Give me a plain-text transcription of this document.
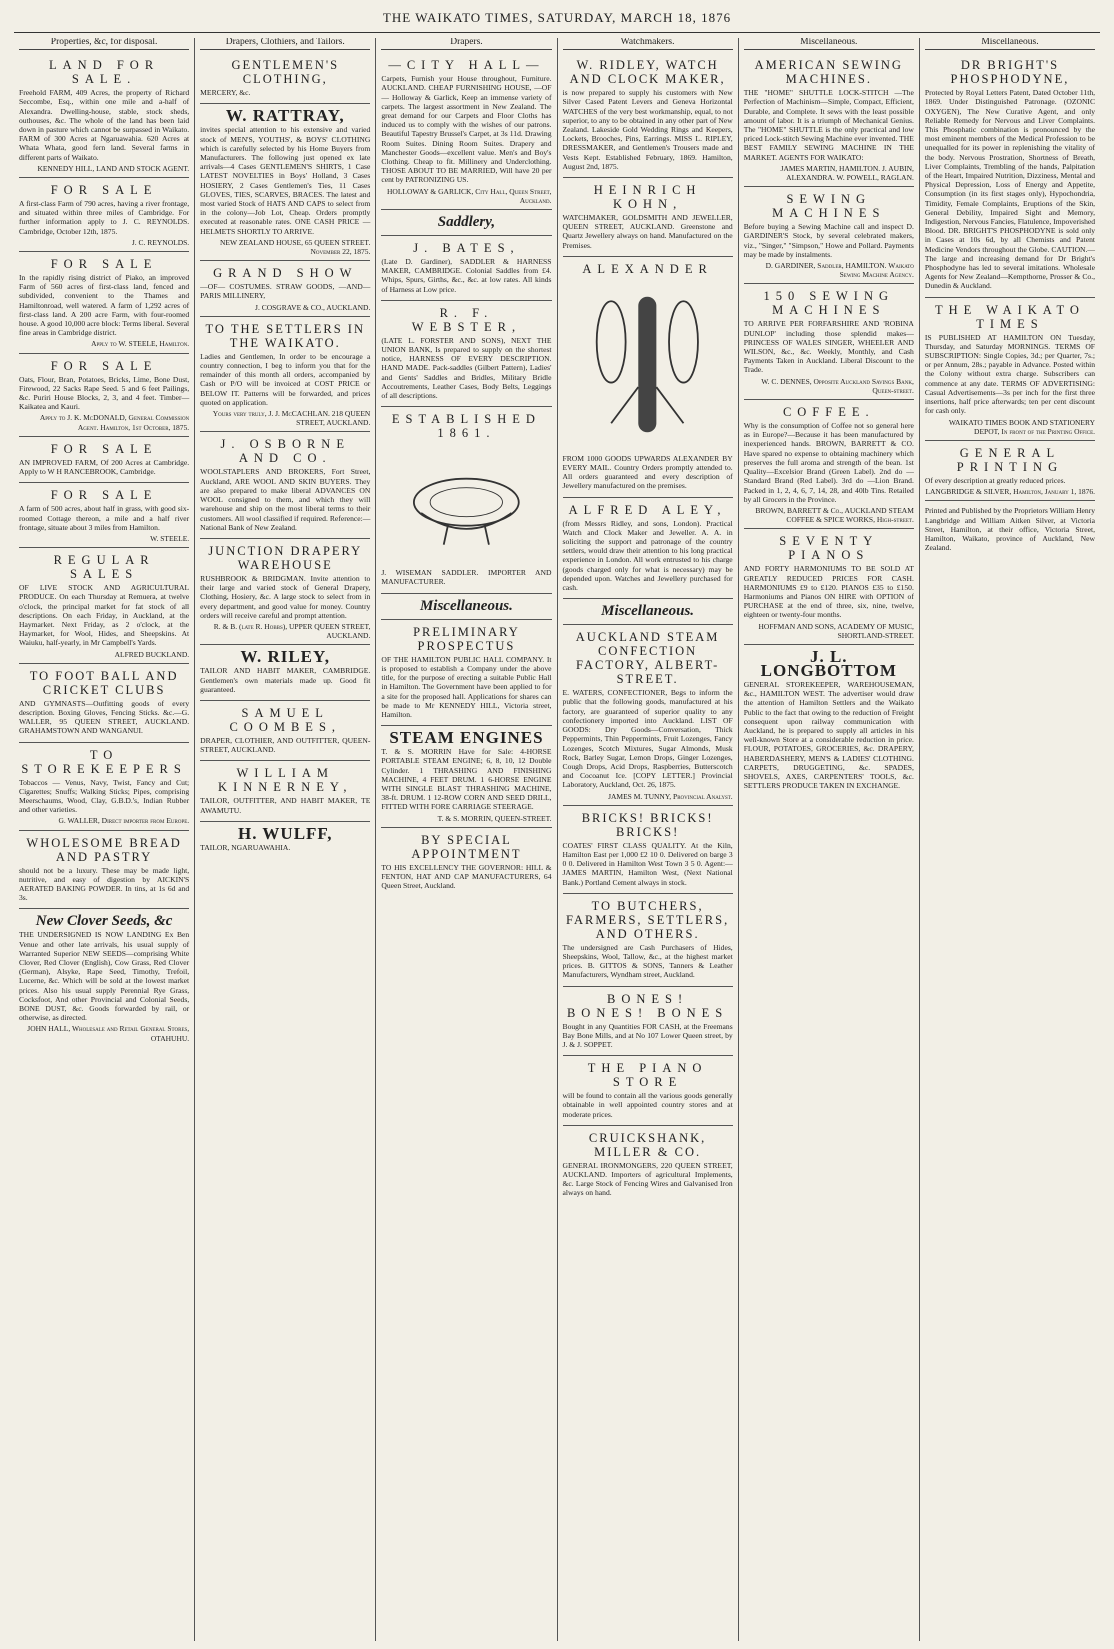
THE WAIKATO TIMES, SATURDAY, MARCH 18, 1876
Properties, &c, for disposal.
LAND FOR SALE.
Freehold FARM, 409 Acres, the property of Richard Seccombe, Esq., within one mile and a-half of Alexandra. Dwelling-house, stable, stock sheds, outhouses, &c. The whole of the land has been laid down in pasture which cannot be surpassed in Waikato. FARM of 300 Acres at Ngaruawahia. 620 Acres at Whata Whata, good fern land. Several farms in different parts of Waikato.
KENNEDY HILL, LAND AND STOCK AGENT.
FOR SALE
A first-class Farm of 790 acres, having a river frontage, and situated within three miles of Cambridge. For further information apply to J. C. REYNOLDS. Cambridge, October 12th, 1875.
J. C. REYNOLDS.
FOR SALE
In the rapidly rising district of Piako, an improved Farm of 560 acres of first-class land, fenced and subdivided, convenient to the Thames and Hamiltonroad, well watered. A farm of 1,292 acres of first-class land. A 200 acre Farm, with four-roomed house. A good 10,000 acre block: Terms liberal. Several fine areas in Cambridge district.
Apply to W. STEELE, Hamilton.
FOR SALE
Oats, Flour, Bran, Potatoes, Bricks, Lime, Bone Dust, Firewood, 22 Sacks Rape Seed. 5 and 6 feet Pailings, &c. Puriri House Blocks, 2, 3, and 4 feet. Timber—Kaikatea and Kauri.
Apply to J. K. McDONALD, General Commission Agent. Hamilton, 1st October, 1875.
FOR SALE
AN IMPROVED FARM, Of 200 Acres at Cambridge. Apply to W H RANCEBROOK, Cambridge.
FOR SALE
A farm of 500 acres, about half in grass, with good six-roomed Cottage thereon, a mile and a half river frontage, situate about 3 miles from Hamilton.
W. STEELE.
REGULAR SALES
OF LIVE STOCK AND AGRICULTURAL PRODUCE. On each Thursday at Remuera, at twelve o'clock, the principal market for fat stock of all descriptions. On each Friday, in Auckland, at the Haymarket. Next Friday, as 2 o'clock, at the Haymarket, for Wool, Hides, and Sheepskins. At Waiuku, half-yearly, in Mr Campbell's Yards.
ALFRED BUCKLAND.
TO FOOT BALL AND CRICKET CLUBS
AND GYMNASTS—Outfitting goods of every description. Boxing Gloves, Fencing Sticks. &c.—G. WALLER, 95 QUEEN STREET, AUCKLAND. GRAHAMSTOWN AND WANGANUI.
TO STOREKEEPERS
Tobaccos — Venus, Navy, Twist, Fancy and Cut; Cigarettes; Snuffs; Walking Sticks; Pipes, comprising Meerschaums, Wood, Clay, G.B.D.'s, Indian Rubber and other varieties.
G. WALLER, Direct importer from Europe.
WHOLESOME BREAD AND PASTRY
should not be a luxury. These may be made light, nutritive, and easy of digestion by AICKIN'S AERATED BAKING POWDER. In tins, at 1s 6d and 3s.
New Clover Seeds, &c
THE UNDERSIGNED IS NOW LANDING Ex Ben Venue and other late arrivals, his usual supply of Warranted Superior NEW SEEDS—comprising White Clover, Red Clover (English), Cow Grass, Red Clover (German), Alsyke, Rape Seed, Timothy, Trefoil, Lucerne, &c. Which will be sold at the lowest market prices. Also his usual supply Perennial Rye Grass, Cocksfoot, And other Provincial and Colonial Seeds, BONE DUST, &c. Goods forwarded by rail, or otherwise, as directed.
JOHN HALL, Wholesale and Retail General Stores, OTAHUHU.
Drapers, Clothiers, and Tailors.
GENTLEMEN'S CLOTHING,
MERCERY, &c.
W. RATTRAY,
invites special attention to his extensive and varied stock of MEN'S, YOUTHS', & BOYS' CLOTHING which is carefully selected by his Home Buyers from Manufacturers. The following just opened ex late arrivals—4 Cases GENTLEMEN'S SHIRTS, 1 Case LATEST NOVELTIES in Boys' Holland, 3 Cases HOSIERY, 2 Cases Gentlemen's Ties, 11 Cases GLOVES, TIES, SCARVES, BRACES. The latest and most varied Stock of HATS AND CAPS to select from in the colony—Job Lot, Cheap. Orders promptly executed at reasonable rates. ONE CASH PRICE — HELMETS SHORTLY TO ARRIVE.
NEW ZEALAND HOUSE, 65 QUEEN STREET. November 22, 1875.
GRAND SHOW
—OF— COSTUMES. STRAW GOODS, —AND— PARIS MILLINERY,
J. COSGRAVE & CO., AUCKLAND.
TO THE SETTLERS IN THE WAIKATO.
Ladies and Gentlemen, In order to be encourage a country connection, I beg to inform you that for the remainder of this month all orders, accompanied by Cash or P/O will be invoiced at COST PRICE or BELOW IT. Patterns will be forwarded, and prices quoted on application.
Yours very truly, J. J. McCACHLAN. 218 QUEEN STREET, AUCKLAND.
J. OSBORNE AND CO.
WOOLSTAPLERS AND BROKERS, Fort Street, Auckland, ARE WOOL AND SKIN BUYERS. They are also prepared to make liberal ADVANCES ON WOOL consigned to them, and which they will warehouse and ship on the most liberal terms to their customers. All wool classified if required. Reference:—National Bank of New Zealand.
JUNCTION DRAPERY WAREHOUSE
RUSHBROOK & BRIDGMAN. Invite attention to their large and varied stock of General Drapery, Clothing, Hosiery, &c. A large stock to select from in every department, and good value for money. Country orders will receive careful and prompt attention.
R. & B. (late R. Hobbs), UPPER QUEEN STREET, AUCKLAND.
W. RILEY,
TAILOR AND HABIT MAKER, CAMBRIDGE. Gentlemen's own materials made up. Good fit guaranteed.
SAMUEL COOMBES,
DRAPER, CLOTHIER, AND OUTFITTER, QUEEN-STREET, AUCKLAND.
WILLIAM KINNERNEY,
TAILOR, OUTFITTER, AND HABIT MAKER, TE AWAMUTU.
H. WULFF,
TAILOR, NGARUAWAHIA.
Drapers.
—CITY HALL—
Carpets, Furnish your House throughout, Furniture. AUCKLAND. CHEAP FURNISHING HOUSE, —OF— Holloway & Garlick, Keep an immense variety of carpets. The largest assortment in New Zealand. The great demand for our Carpets and Floor Cloths has induced us to comply with the wishes of our patrons. Beautiful Tapestry Brussel's Carpet, at 3s 11d. Drawing Room Suites. Dining Room Suites. Drapery and Manchester Goods—excellent value. Men's and Boy's Clothing. Cheap to fit. Millinery and Underclothing. THOSE ABOUT TO BE MARRIED, Will have 20 per cent by PATRONIZING US.
HOLLOWAY & GARLICK, City Hall, Queen Street, Auckland.
Saddlery,
J. BATES,
(Late D. Gardiner), SADDLER & HARNESS MAKER, CAMBRIDGE. Colonial Saddles from £4. Whips, Spurs, Girths, &c., &c. at low rates. All kinds of Harness at Low price.
R. F. WEBSTER,
(LATE L. FORSTER AND SONS), NEXT THE UNION BANK, Is prepared to supply on the shortest notice, HARNESS OF EVERY DESCRIPTION. HAND MADE. Pack-saddles (Gilbert Pattern), Ladies' and Gents' Saddles and Bridles, Military Bridle Accoutrements, Leather Cases, Body Belts, Leggings of all descriptions.
ESTABLISHED 1861.
J. WISEMAN SADDLER. IMPORTER AND MANUFACTURER.
Miscellaneous.
PRELIMINARY PROSPECTUS
OF THE HAMILTON PUBLIC HALL COMPANY. It is proposed to establish a Company under the above title, for the purpose of erecting a suitable Public Hall in Hamilton. The Government have been applied to for a site for the proposed hall. Applications for shares can be made to Mr KENNEDY HILL, Victoria street, Hamilton.
STEAM ENGINES
T. & S. MORRIN Have for Sale: 4-HORSE PORTABLE STEAM ENGINE; 6, 8, 10, 12 Double Cylinder. 1 THRASHING AND FINISHING MACHINE, 4 FEET DRUM. 1 6-HORSE ENGINE WITH SINGLE BLAST THRASHING MACHINE, 38-ft. DRUM. 1 12-ROW CORN AND SEED DRILL, FITTED WITH FORE CARRIAGE STEERAGE.
T. & S. MORRIN, QUEEN-STREET.
BY SPECIAL APPOINTMENT
TO HIS EXCELLENCY THE GOVERNOR: HILL & FENTON, HAT AND CAP MANUFACTURERS, 64 Queen Street, Auckland.
Watchmakers.
W. RIDLEY, WATCH AND CLOCK MAKER,
is now prepared to supply his customers with New Silver Cased Patent Levers and Geneva Horizontal WATCHES of the very best workmanship, equal, to not superior, to any to be obtained in any other part of New Zealand. Lakeside Gold Wedding Rings and Keepers, Lockets, Brooches, Pins, Earrings. MISS L. RIPLEY, DRESSMAKER, and Gentlemen's Trousers made and Vests Kept. Established February, 1869. Hamilton, August 2nd, 1875.
HEINRICH KOHN,
WATCHMAKER, GOLDSMITH AND JEWELLER, QUEEN STREET, AUCKLAND. Greenstone and Quartz Jewellery always on hand. Manufactured on the Premises.
ALEXANDER
FROM 1000 GOODS UPWARDS ALEXANDER BY EVERY MAIL. Country Orders promptly attended to. All orders guaranteed and every description of Jewellery manufactured on the premises.
ALFRED ALEY,
(from Messrs Ridley, and sons, London). Practical Watch and Clock Maker and Jeweller. A. A. in soliciting the support and patronage of the country settlers, would draw their attention to his long practical experience in London. All work entrusted to his charge (goods charged only for what is necessary) may be depended upon. Watches and Jewellery purchased for cash.
Miscellaneous.
AUCKLAND STEAM CONFECTION FACTORY, ALBERT-STREET.
E. WATERS, CONFECTIONER, Begs to inform the public that the following goods, manufactured at his factory, are guaranteed of superior quality to any confectionery imported into Auckland. LIST OF GOODS: Dry Goods—Conversation, Thick Peppermints, Thin Peppermints, Fruit Lozenges, Fancy Lozenges, Scotch Mixtures, Sugar Almonds, Musk Rock, Barley Sugar, Lemon Drops, Ginger Lozenges, Cough Drops, Acid Drops, Raspberries, Butterscotch and Cocoanut Ice. [COPY LETTER.] Provincial Laboratory, Auckland, Oct. 26, 1875.
JAMES M. TUNNY, Provincial Analyst.
BRICKS! BRICKS! BRICKS!
COATES' FIRST CLASS QUALITY. At the Kiln, Hamilton East per 1,000 £2 10 0. Delivered on barge 3 0 0. Delivered in Hamilton West Town 3 5 0. Agent:—JAMES MARTIN, Hamilton West, (Next National Bank.) Portland Cement always in stock.
TO BUTCHERS, FARMERS, SETTLERS, AND OTHERS.
The undersigned are Cash Purchasers of Hides, Sheepskins, Wool, Tallow, &c., at the highest market prices. B. GITTOS & SONS, Tanners & Leather Manufacturers, Wyndham street, Auckland.
BONES! BONES! BONES
Bought in any Quantities FOR CASH, at the Freemans Bay Bone Mills, and at No 107 Lower Queen street, by J. & J. SOPPET.
THE PIANO STORE
will be found to contain all the various goods generally obtainable in well appointed country stores and at moderate prices.
CRUICKSHANK, MILLER & CO.
GENERAL IRONMONGERS, 220 QUEEN STREET, AUCKLAND. Importers of agricultural Implements, &c. Large Stock of Fencing Wires and Galvanised Iron always on hand.
Miscellaneous.
AMERICAN SEWING MACHINES.
THE "HOME" SHUTTLE LOCK-STITCH —The Perfection of Machinism—Simple, Compact, Efficient, Durable, and Complete. It sews with the least possible amount of labor. It is a triumph of Mechanical Genius. The "HOME" SHUTTLE is the only practical and low priced Lock-stitch Sewing Machine ever invented. THE BEST FAMILY SEWING MACHINE IN THE MARKET. AGENTS FOR WAIKATO:
JAMES MARTIN, HAMILTON. J. AUBIN, ALEXANDRA. W. POWELL, RAGLAN.
SEWING MACHINES
Before buying a Sewing Machine call and inspect D. GARDINER'S Stock, by several celebrated makers, viz., "Singer," "Simpson," Howe and Pollard. Payments may be made by instalments.
D. GARDINER, Saddler, HAMILTON. Waikato Sewing Machine Agency.
150 SEWING MACHINES
TO ARRIVE PER FORFARSHIRE AND 'ROBINA DUNLOP' including those splendid makes— PRINCESS OF WALES SINGER, WHEELER AND WILSON, &c., &c. Weekly, Monthly, and Cash Payments Taken in Auckland. Liberal Discount to the Trade.
W. C. DENNES, Opposite Auckland Savings Bank, Queen-street.
COFFEE.
Why is the consumption of Coffee not so general here as in Europe?—Because it has been manufactured by inexperienced hands. BROWN, BARRETT & CO. Have spared no expense to obtaining machinery which preserves the full aroma and strength of the bean. 1st Quality—Excelsior Brand (Green Label). 2nd do —Standard Brand (Red Label). 3rd do —Lion Brand. Packed in 1, 2, 4, 6, 7, 14, 28, and 40lb Tins. Retailed by all Grocers in the Province.
BROWN, BARRETT & Co., AUCKLAND STEAM COFFEE & SPICE WORKS, High-street.
SEVENTY PIANOS
AND FORTY HARMONIUMS TO BE SOLD AT GREATLY REDUCED PRICES FOR CASH. HARMONIUMS £9 to £120. PIANOS £35 to £150. Harmoniums and Pianos ON HIRE with OPTION of PURCHASE at the end of three, six, nine, twelve, eighteen or twenty-four months.
HOFFMAN AND SONS, ACADEMY OF MUSIC, SHORTLAND-STREET.
J. L. LONGBOTTOM
GENERAL STOREKEEPER, WAREHOUSEMAN, &c., HAMILTON WEST. The advertiser would draw the attention of Hamilton Settlers and the Waikato Public to the fact that owing to the reduction of Freight consequent upon railway communication with Auckland, he is prepared to supply all articles in his well-known Store at a considerable reduction in price. FLOUR, POTATOES, GROCERIES, &c. DRAPERY, HABERDASHERY, MEN'S & LADIES' CLOTHING. CARPETS, DRUGGETING, &c. SPADES, SHOVELS, AXES, CARPENTERS' TOOLS, &c. SETTLERS PRODUCE TAKEN IN EXCHANGE.
Miscellaneous.
DR BRIGHT'S PHOSPHODYNE,
Protected by Royal Letters Patent, Dated October 11th, 1869. Under Distinguished Patronage. (OZONIC OXYGEN), The New Curative Agent, and only Reliable Remedy for Nervous and Liver Complaints. This Phosphatic combination is pronounced by the most eminent members of the Medical Profession to be unequalled for its power in replenishing the vitality of the body. Nervous Prostration, Shortness of Breath, Liver Complaints, Trembling of the hands, Palpitation of the Heart, Impaired Nutrition, Dizziness, Mental and Physical Depression, Loss of Energy and Appetite, Consumption (in its first stages only), Hypochondria, Timidity, Female Complaints, Eruptions of the Skin, General Debility, Impaired Sight and Memory, Indigestion, Nervous Fancies, Flatulence, Impoverished Blood. DR. BRIGHT'S PHOSPHODYNE is sold only in Cases at 10s 6d, by all Chemists and Patent Medicine Vendors throughout the Globe. CAUTION.—The large and increasing demand for Dr Bright's Phosphodyne has led to several imitations. Wholesale Agents for New Zealand—Kempthorne, Prosser & Co., Dunedin & Auckland.
THE WAIKATO TIMES
IS PUBLISHED AT HAMILTON ON Tuesday, Thursday, and Saturday MORNINGS. TERMS OF SUBSCRIPTION: Single Copies, 3d.; per Quarter, 7s.; or per Annum, 28s.; payable in Advance. Posted within the Colony without extra charge. Subscribers can commence at any date. TERMS OF ADVERTISING: Casual Advertisements—3s per inch for the first three insertions, half price afterwards; ten per cent discount for cash only.
WAIKATO TIMES BOOK AND STATIONERY DEPOT, In front of the Printing Office.
GENERAL PRINTING
Of every description at greatly reduced prices.
LANGBRIDGE & SILVER, Hamilton, January 1, 1876.
Printed and Published by the Proprietors William Henry Langbridge and William Aitken Silver, at Victoria Street, Hamilton, at their office, Victoria Street, Hamilton, Waikato, province of Auckland, New Zealand.
